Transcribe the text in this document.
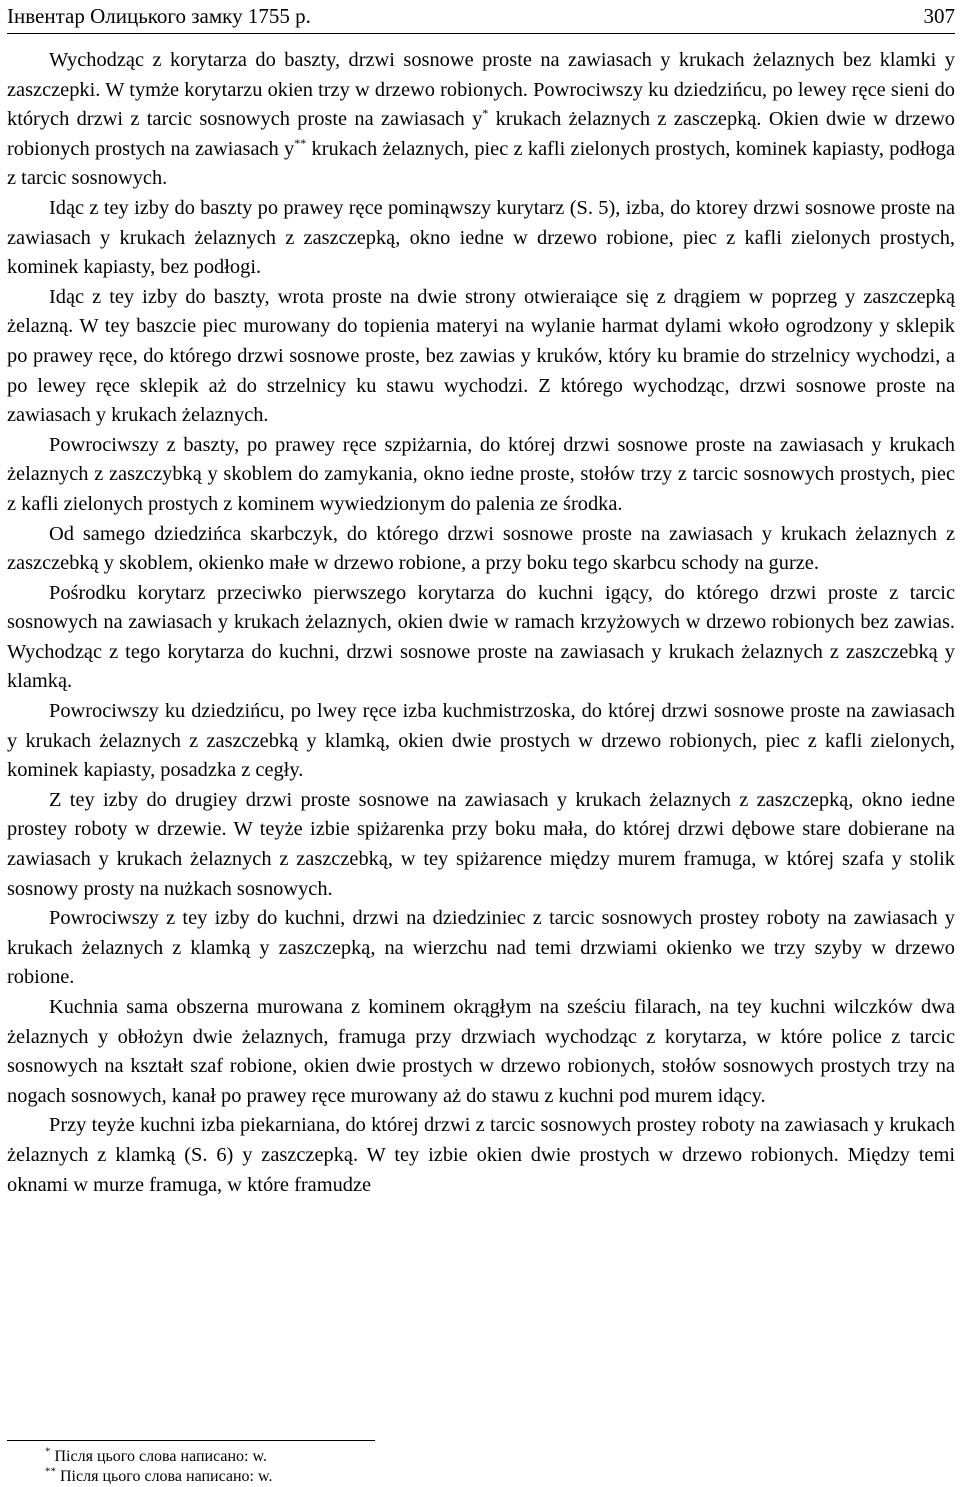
Інвентар Олицького замку 1755 р.	307

Wychodząc z korytarza do baszty, drzwi sosnowe proste na zawiasach y krukach żelaznych bez klamki y zaszczepki. W tymże korytarzu okien trzy w drzewo robionych. Powrociwszy ku dziedzińcu, po lewey ręce sieni do których drzwi z tarcic sosnowych proste na zawiasach y* krukach żelaznych z zasczepką. Okien dwie w drzewo robionych prostych na zawiasach y** krukach żelaznych, piec z kafli zielonych prostych, kominek kapiasty, podłoga z tarcic sosnowych.

Idąc z tey izby do baszty po prawey ręce pominąwszy kurytarz (S. 5), izba, do ktorey drzwi sosnowe proste na zawiasach y krukach żelaznych z zaszczepką, okno iedne w drzewo robione, piec z kafli zielonych prostych, kominek kapiasty, bez podłogi.

Idąc z tey izby do baszty, wrota proste na dwie strony otwieraiące się z drągiem w poprzeg y zaszczepką żelazną. W tey baszcie piec murowany do topienia materyi na wylanie harmat dylami wkoło ogrodzony y sklepik po prawey ręce, do którego drzwi sosnowe proste, bez zawias y kruków, który ku bramie do strzelnicy wychodzi, a po lewey ręce sklepik aż do strzelnicy ku stawu wychodzi. Z którego wychodząc, drzwi sosnowe proste na zawiasach y krukach żelaznych.

Powrociwszy z baszty, po prawey ręce szpiżarnia, do której drzwi sosnowe proste na zawiasach y krukach żelaznych z zaszczybką y skoblem do zamykania, okno iedne proste, stołów trzy z tarcic sosnowych prostych, piec z kafli zielonych prostych z kominem wywiedzionym do palenia ze środka.

Od samego dziedzińca skarbczyk, do którego drzwi sosnowe proste na zawiasach y krukach żelaznych z zaszczebką y skoblem, okienko małe w drzewo robione, a przy boku tego skarbcu schody na gurze.

Pośrodku korytarz przeciwko pierwszego korytarza do kuchni igący, do którego drzwi proste z tarcic sosnowych na zawiasach y krukach żelaznych, okien dwie w ramach krzyżowych w drzewo robionych bez zawias. Wychodząc z tego korytarza do kuchni, drzwi sosnowe proste na zawiasach y krukach żelaznych z zaszczebką y klamką.

Powrociwszy ku dziedzińcu, po lwey ręce izba kuchmistrzoska, do której drzwi sosnowe proste na zawiasach y krukach żelaznych z zaszczebką y klamką, okien dwie prostych w drzewo robionych, piec z kafli zielonych, kominek kapiasty, posadzka z cegły.

Z tey izby do drugiey drzwi proste sosnowe na zawiasach y krukach żelaznych z zaszczepką, okno iedne prostey roboty w drzewie. W teyże izbie spiżarenka przy boku mała, do której drzwi dębowe stare dobierane na zawiasach y krukach żelaznych z zaszczebką, w tey spiżarence między murem framuga, w której szafa y stolik sosnowy prosty na nużkach sosnowych.

Powrociwszy z tey izby do kuchni, drzwi na dziedziniec z tarcic sosnowych prostey roboty na zawiasach y krukach żelaznych z klamką y zaszczepką, na wierzchu nad temi drzwiami okienko we trzy szyby w drzewo robione.

Kuchnia sama obszerna murowana z kominem okrągłym na sześciu filarach, na tey kuchni wilczków dwa żelaznych y obłożyn dwie żelaznych, framuga przy drzwiach wychodząc z korytarza, w które police z tarcic sosnowych na kształt szaf robione, okien dwie prostych w drzewo robionych, stołów sosnowych prostych trzy na nogach sosnowych, kanał po prawey ręce murowany aż do stawu z kuchni pod murem idący.

Przy teyże kuchni izba piekarniana, do której drzwi z tarcic sosnowych prostey roboty na zawiasach y krukach żelaznych z klamką (S. 6) y zaszczepką. W tey izbie okien dwie prostych w drzewo robionych. Między temi oknami w murze framuga, w które framudze

* Після цього слова написано: w.
** Після цього слова написано: w.
